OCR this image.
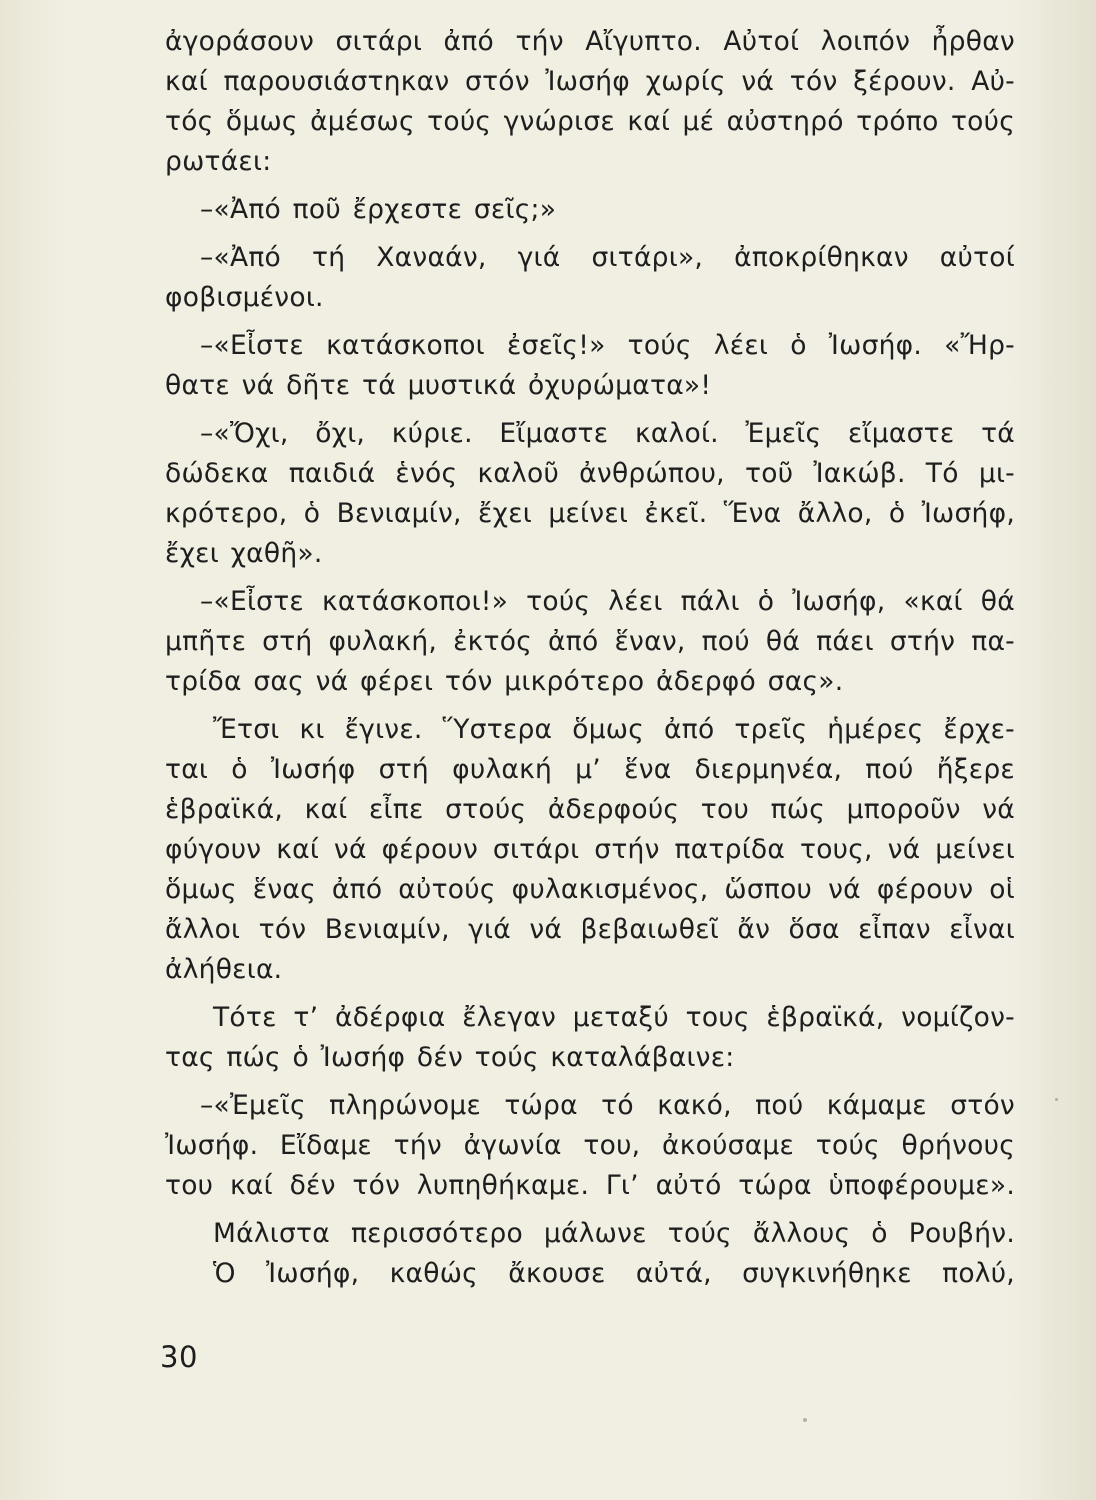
ἀγοράσουν σιτάρι ἀπό τήν Αἴγυπτο. Αὐτοί λοιπόν ἦρθαν
καί παρουσιάστηκαν στόν Ἰωσήφ χωρίς νά τόν ξέρουν. Αὐ-
τός ὅμως ἀμέσως τούς γνώρισε καί μέ αὐστηρό τρόπο τούς
ρωτάει:
–«Ἀπό ποῦ ἔρχεστε σεῖς;»
–«Ἀπό τή Χαναάν, γιά σιτάρι», ἀποκρίθηκαν αὐτοί
φοβισμένοι.
–«Εἶστε κατάσκοποι ἐσεῖς!» τούς λέει ὁ Ἰωσήφ. «Ἤρ-
θατε νά δῆτε τά μυστικά ὀχυρώματα»!
–«Ὄχι, ὄχι, κύριε. Εἴμαστε καλοί. Ἐμεῖς εἴμαστε τά
δώδεκα παιδιά ἑνός καλοῦ ἀνθρώπου, τοῦ Ἰακώβ. Τό μι-
κρότερο, ὁ Βενιαμίν, ἔχει μείνει ἐκεῖ. Ἕνα ἄλλο, ὁ Ἰωσήφ,
ἔχει χαθῆ».
–«Εἶστε κατάσκοποι!» τούς λέει πάλι ὁ Ἰωσήφ, «καί θά
μπῆτε στή φυλακή, ἐκτός ἀπό ἕναν, πού θά πάει στήν πα-
τρίδα σας νά φέρει τόν μικρότερο ἀδερφό σας».
Ἔτσι κι ἔγινε. Ὕστερα ὅμως ἀπό τρεῖς ἡμέρες ἔρχε-
ται ὁ Ἰωσήφ στή φυλακή μ’ ἕνα διερμηνέα, πού ἤξερε
ἑβραϊκά, καί εἶπε στούς ἀδερφούς του πώς μποροῦν νά
φύγουν καί νά φέρουν σιτάρι στήν πατρίδα τους, νά μείνει
ὅμως ἕνας ἀπό αὐτούς φυλακισμένος, ὥσπου νά φέρουν οἱ
ἄλλοι τόν Βενιαμίν, γιά νά βεβαιωθεῖ ἄν ὅσα εἶπαν εἶναι
ἀλήθεια.
Τότε τ’ ἀδέρφια ἔλεγαν μεταξύ τους ἑβραϊκά, νομίζον-
τας πώς ὁ Ἰωσήφ δέν τούς καταλάβαινε:
–«Ἐμεῖς πληρώνομε τώρα τό κακό, πού κάμαμε στόν
Ἰωσήφ. Εἴδαμε τήν ἀγωνία του, ἀκούσαμε τούς θρήνους
του καί δέν τόν λυπηθήκαμε. Γι’ αὐτό τώρα ὑποφέρουμε».
Μάλιστα περισσότερο μάλωνε τούς ἄλλους ὁ Ρουβήν.
Ὁ Ἰωσήφ, καθώς ἄκουσε αὐτά, συγκινήθηκε πολύ,
30
